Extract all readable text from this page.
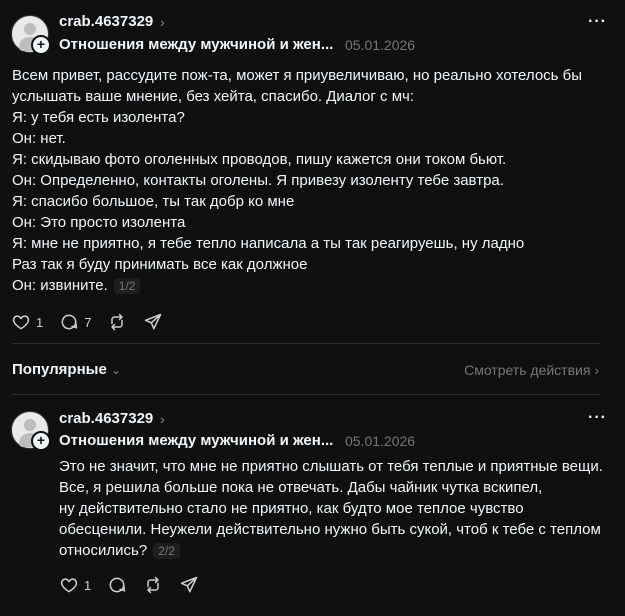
+
crab.4637329 ›
Отношения между мужчиной и жен... 05.01.2026
···
Всем привет, рассудите пож-та, может я приувеличиваю, но реально хотелось бы
услышать ваше мнение, без хейта, спасибо. Диалог с мч:
Я: у тебя есть изолента?
Он: нет.
Я: скидываю фото оголенных проводов, пишу кажется они током бьют.
Он: Определенно, контакты оголены. Я привезу изоленту тебе завтра.
Я: спасибо большое, ты так добр ко мне
Он: Это просто изолента
Я: мне не приятно, я тебе тепло написала а ты так реагируешь, ну ладно
Раз так я буду принимать все как должное
Он: извините. 1/2
1	7
Популярные ⌄	Смотреть действия ›
+
crab.4637329 ›
Отношения между мужчиной и жен... 05.01.2026
···
Это не значит, что мне не приятно слышать от тебя теплые и приятные вещи.
Все, я решила больше пока не отвечать. Дабы чайник чутка вскипел,
ну действительно стало не приятно, как будто мое теплое чувство
обесценили. Неужели действительно нужно быть сукой, чтоб к тебе с теплом
относились? 2/2
1
